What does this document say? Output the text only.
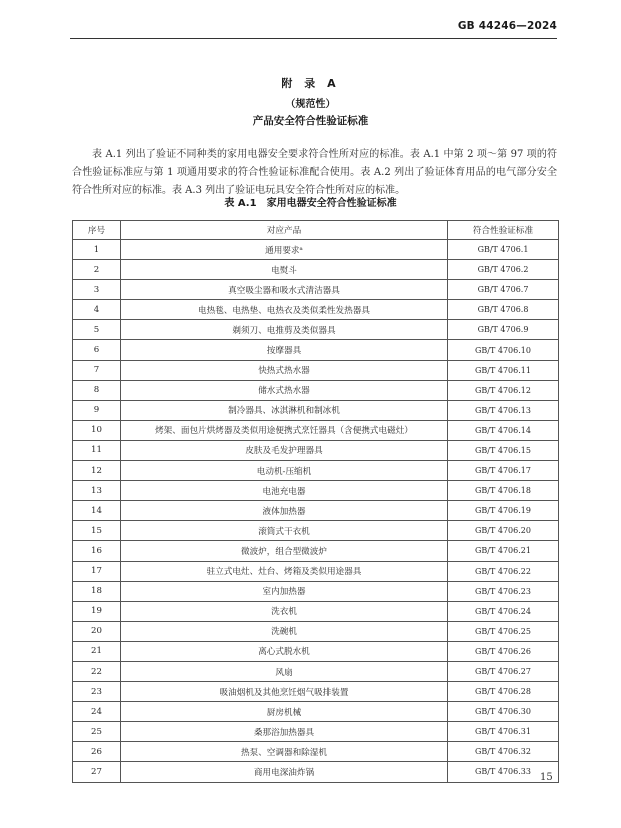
GB 44246—2024
附 录 A
（规范性）
产品安全符合性验证标准

表 A.1 列出了验证不同种类的家用电器安全要求符合性所对应的标准。表 A.1 中第 2 项～第 97 项的符合性验证标准应与第 1 项通用要求的符合性验证标准配合使用。表 A.2 列出了验证体育用品的电气部分安全符合性所对应的标准。表 A.3 列出了验证电玩具安全符合性所对应的标准。

表 A.1　家用电器安全符合性验证标准
序号	对应产品	符合性验证标准
1	通用要求ᵃ	GB/T 4706.1
2	电熨斗	GB/T 4706.2
3	真空吸尘器和吸水式清洁器具	GB/T 4706.7
4	电热毯、电热垫、电热衣及类似柔性发热器具	GB/T 4706.8
5	剃须刀、电推剪及类似器具	GB/T 4706.9
6	按摩器具	GB/T 4706.10
7	快热式热水器	GB/T 4706.11
8	储水式热水器	GB/T 4706.12
9	制冷器具、冰淇淋机和制冰机	GB/T 4706.13
10	烤架、面包片烘烤器及类似用途便携式烹饪器具（含便携式电磁灶）	GB/T 4706.14
11	皮肤及毛发护理器具	GB/T 4706.15
12	电动机-压缩机	GB/T 4706.17
13	电池充电器	GB/T 4706.18
14	液体加热器	GB/T 4706.19
15	滚筒式干衣机	GB/T 4706.20
16	微波炉，组合型微波炉	GB/T 4706.21
17	驻立式电灶、灶台、烤箱及类似用途器具	GB/T 4706.22
18	室内加热器	GB/T 4706.23
19	洗衣机	GB/T 4706.24
20	洗碗机	GB/T 4706.25
21	离心式脱水机	GB/T 4706.26
22	风扇	GB/T 4706.27
23	吸油烟机及其他烹饪烟气吸排装置	GB/T 4706.28
24	厨房机械	GB/T 4706.30
25	桑那浴加热器具	GB/T 4706.31
26	热泵、空调器和除湿机	GB/T 4706.32
27	商用电深油炸锅	GB/T 4706.33
15
